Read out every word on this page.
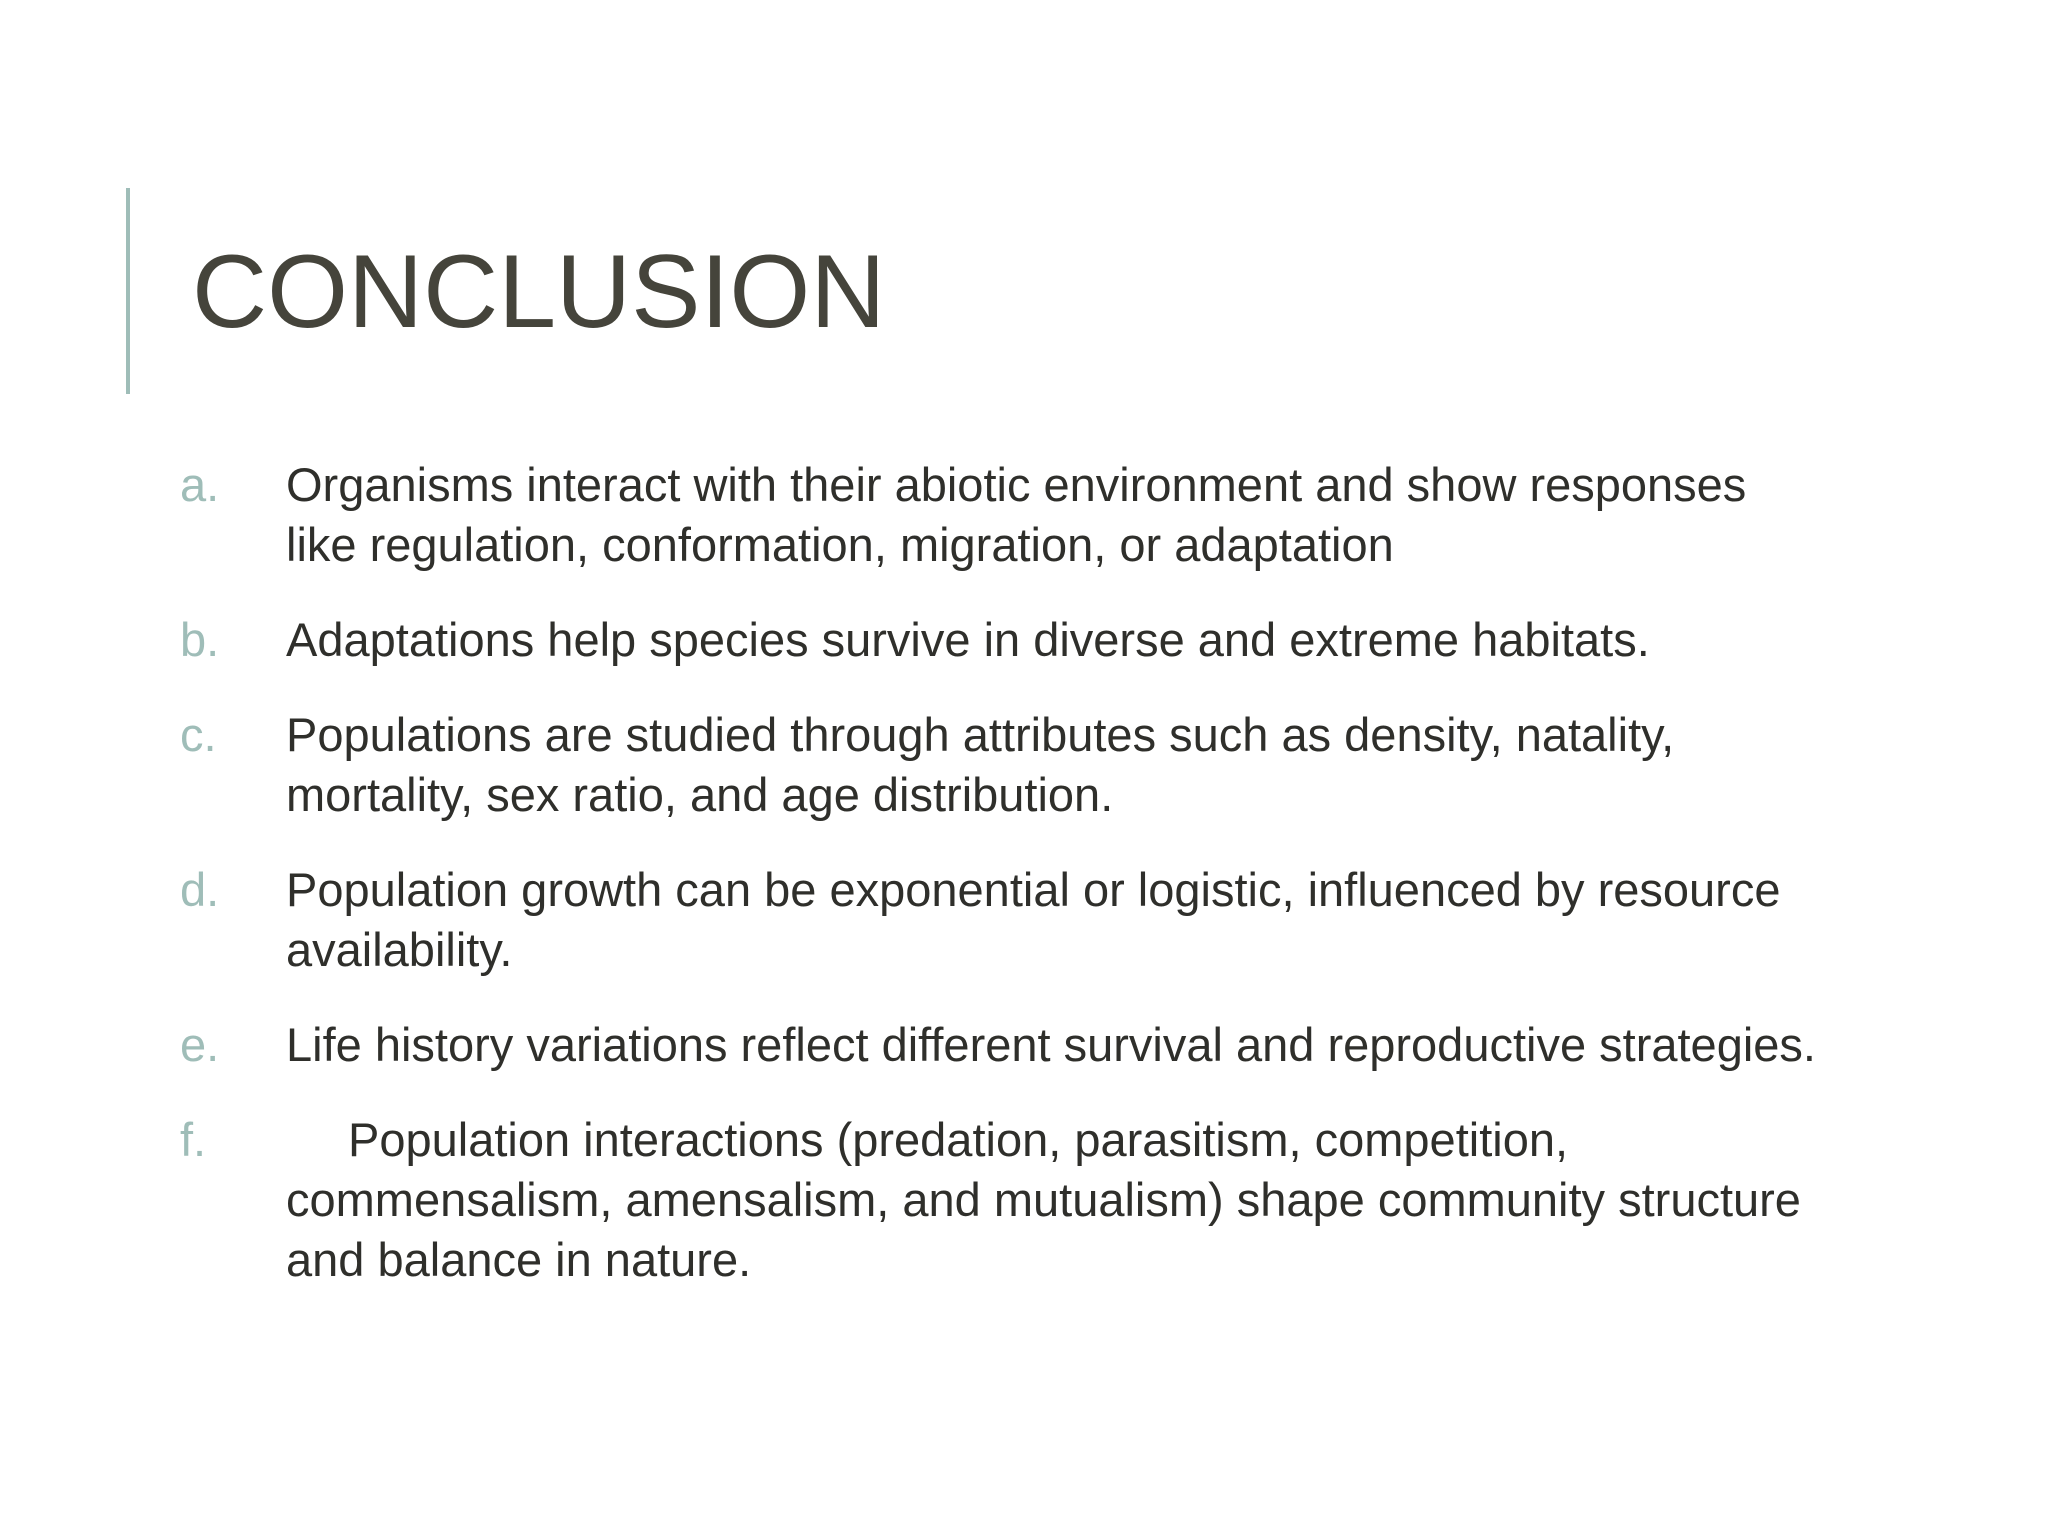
CONCLUSION
a.	Organisms interact with their abiotic environment and show responses like regulation, conformation, migration, or adaptation
b.	Adaptations help species survive in diverse and extreme habitats.
c.	Populations are studied through attributes such as density, natality, mortality, sex ratio, and age distribution.
d.	Population growth can be exponential or logistic, influenced by resource availability.
e.	Life history variations reflect different survival and reproductive strategies.
f.	Population interactions (predation, parasitism, competition, commensalism, amensalism, and mutualism) shape community structure and balance in nature.
